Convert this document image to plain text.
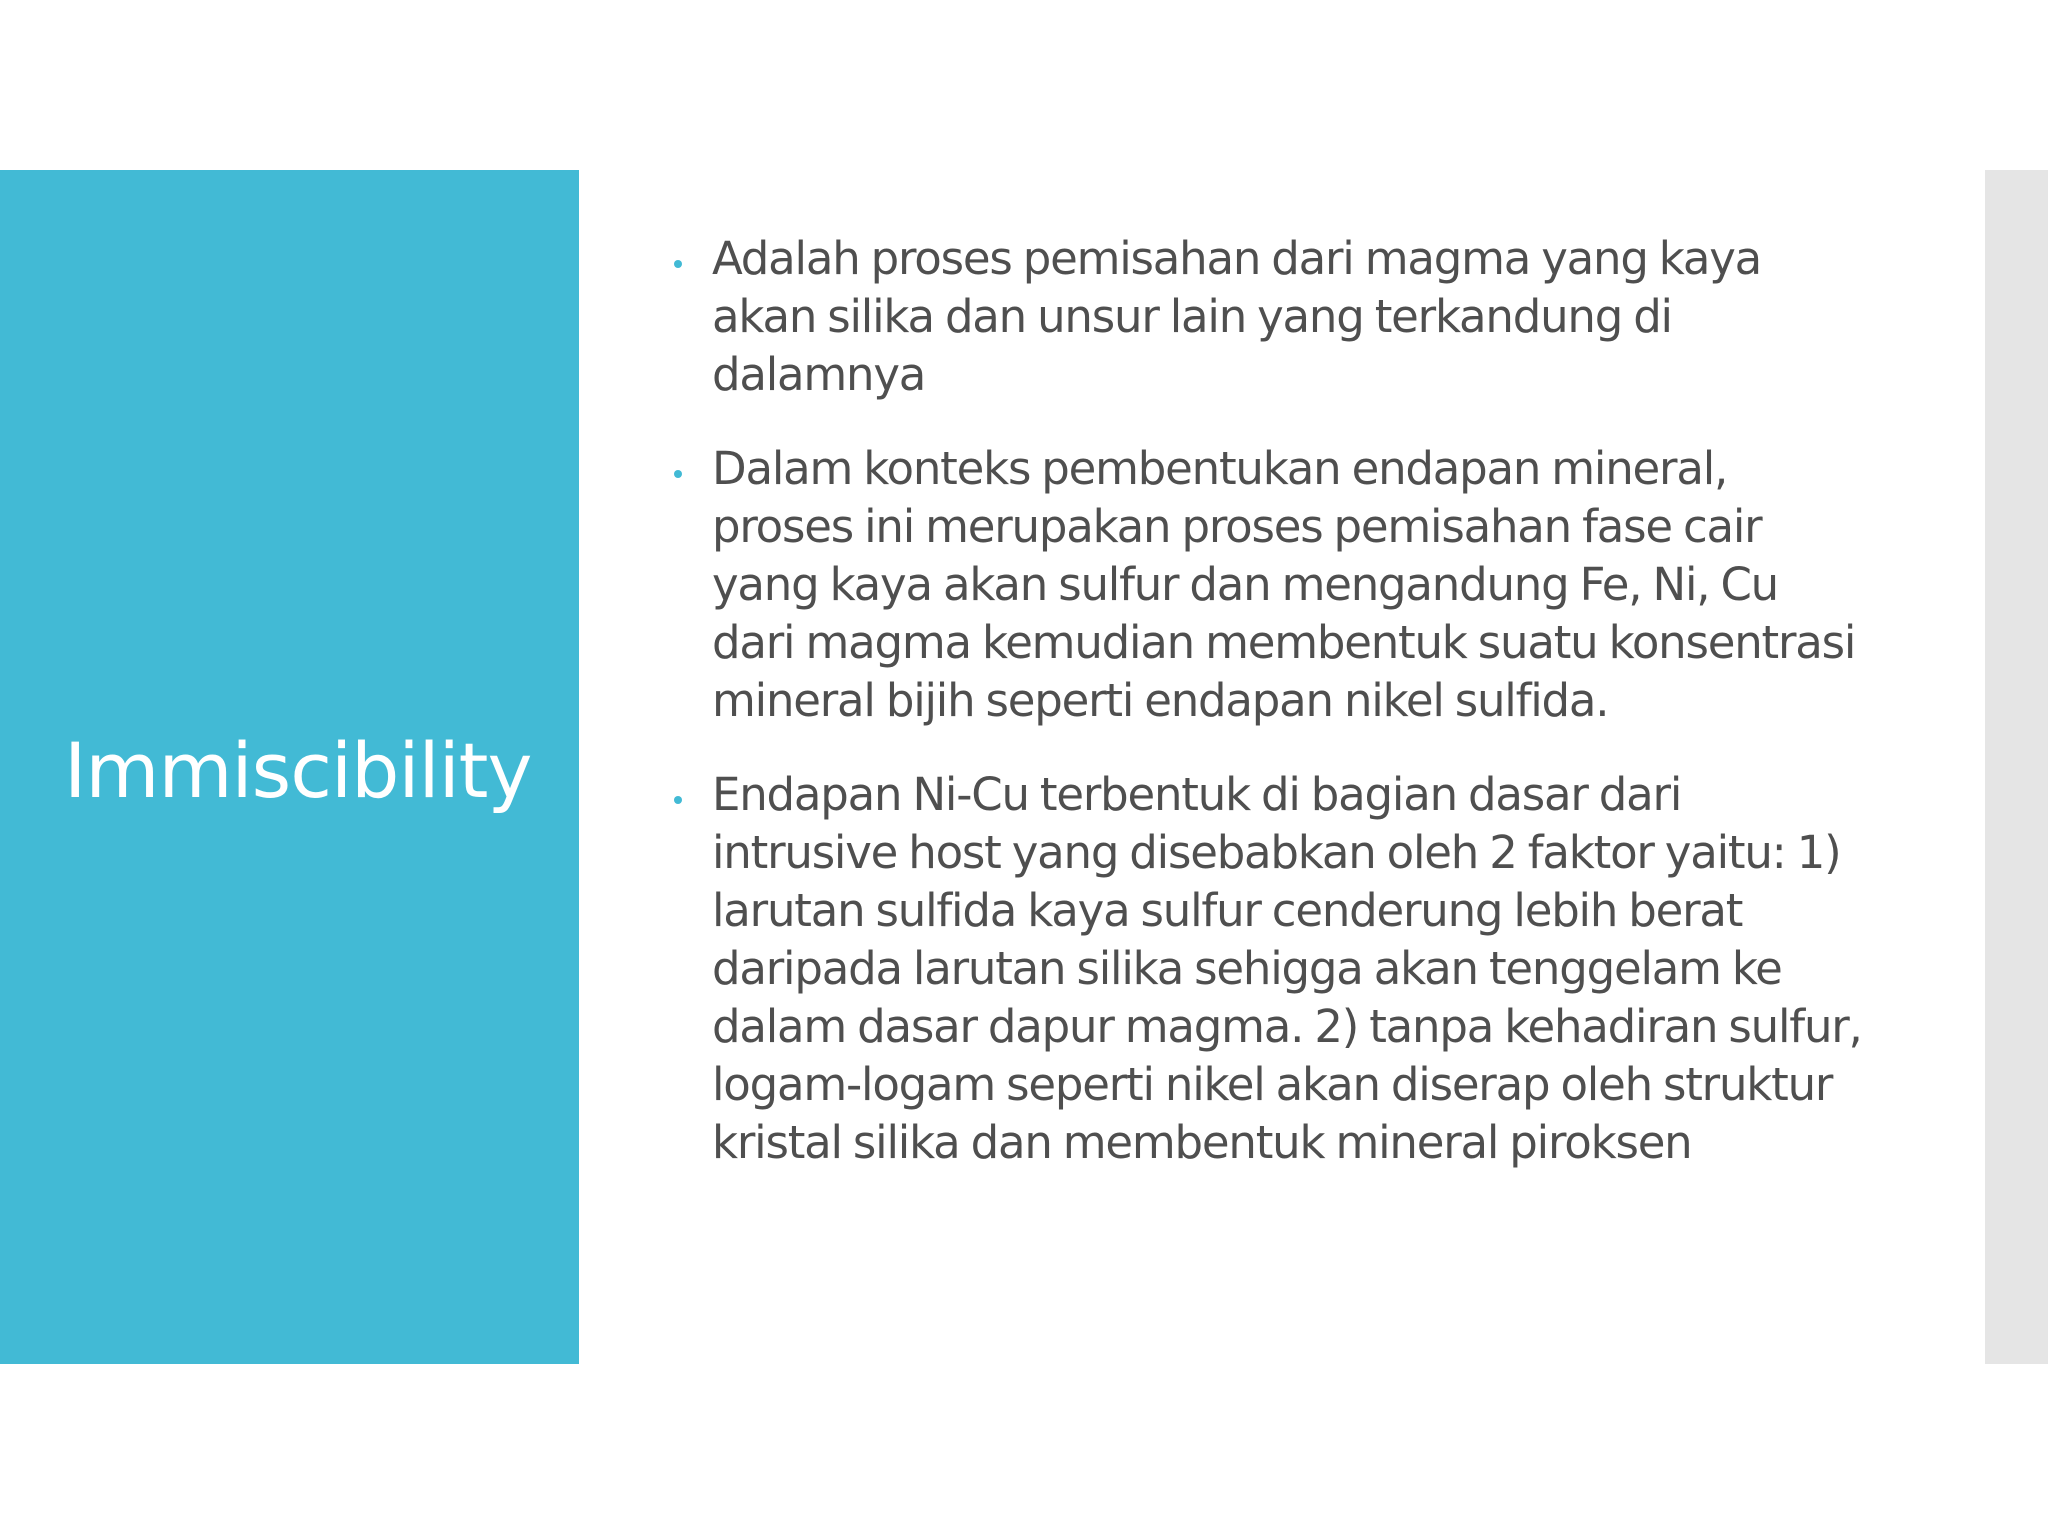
Immiscibility
Adalah proses pemisahan dari magma yang kaya akan silika dan unsur lain yang terkandung di dalamnya
Dalam konteks pembentukan endapan mineral, proses ini merupakan proses pemisahan fase cair yang kaya akan sulfur dan mengandung Fe, Ni, Cu dari magma kemudian membentuk suatu konsentrasi mineral bijih seperti endapan nikel sulfida.
Endapan Ni-Cu terbentuk di bagian dasar dari intrusive host yang disebabkan oleh 2 faktor yaitu: 1) larutan sulfida kaya sulfur cenderung lebih berat daripada larutan silika sehigga akan tenggelam ke dalam dasar dapur magma. 2) tanpa kehadiran sulfur, logam-logam seperti nikel akan diserap oleh struktur kristal silika dan membentuk mineral piroksen
